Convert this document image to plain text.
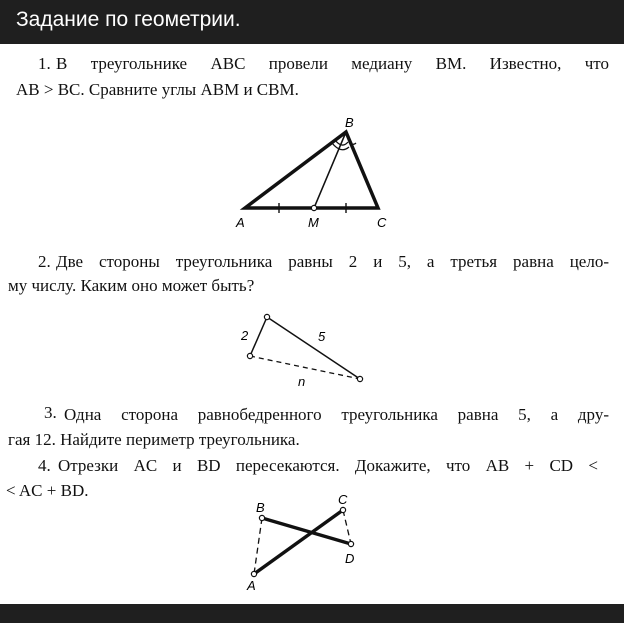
Задание по геометрии.
1. В треугольнике ABC провели медиану BM. Известно, что
AB > BC. Сравните углы ABM и CBM.
B
A	M	C
2. Две стороны треугольника равны 2 и 5, а третья равна цело-
му числу. Каким оно может быть?
2	5
n
3. Одна сторона равнобедренного треугольника равна 5, а дру-
гая 12. Найдите периметр треугольника.
4. Отрезки AC и BD пересекаются. Докажите, что AB + CD <
< AC + BD.
B
C
D
A
